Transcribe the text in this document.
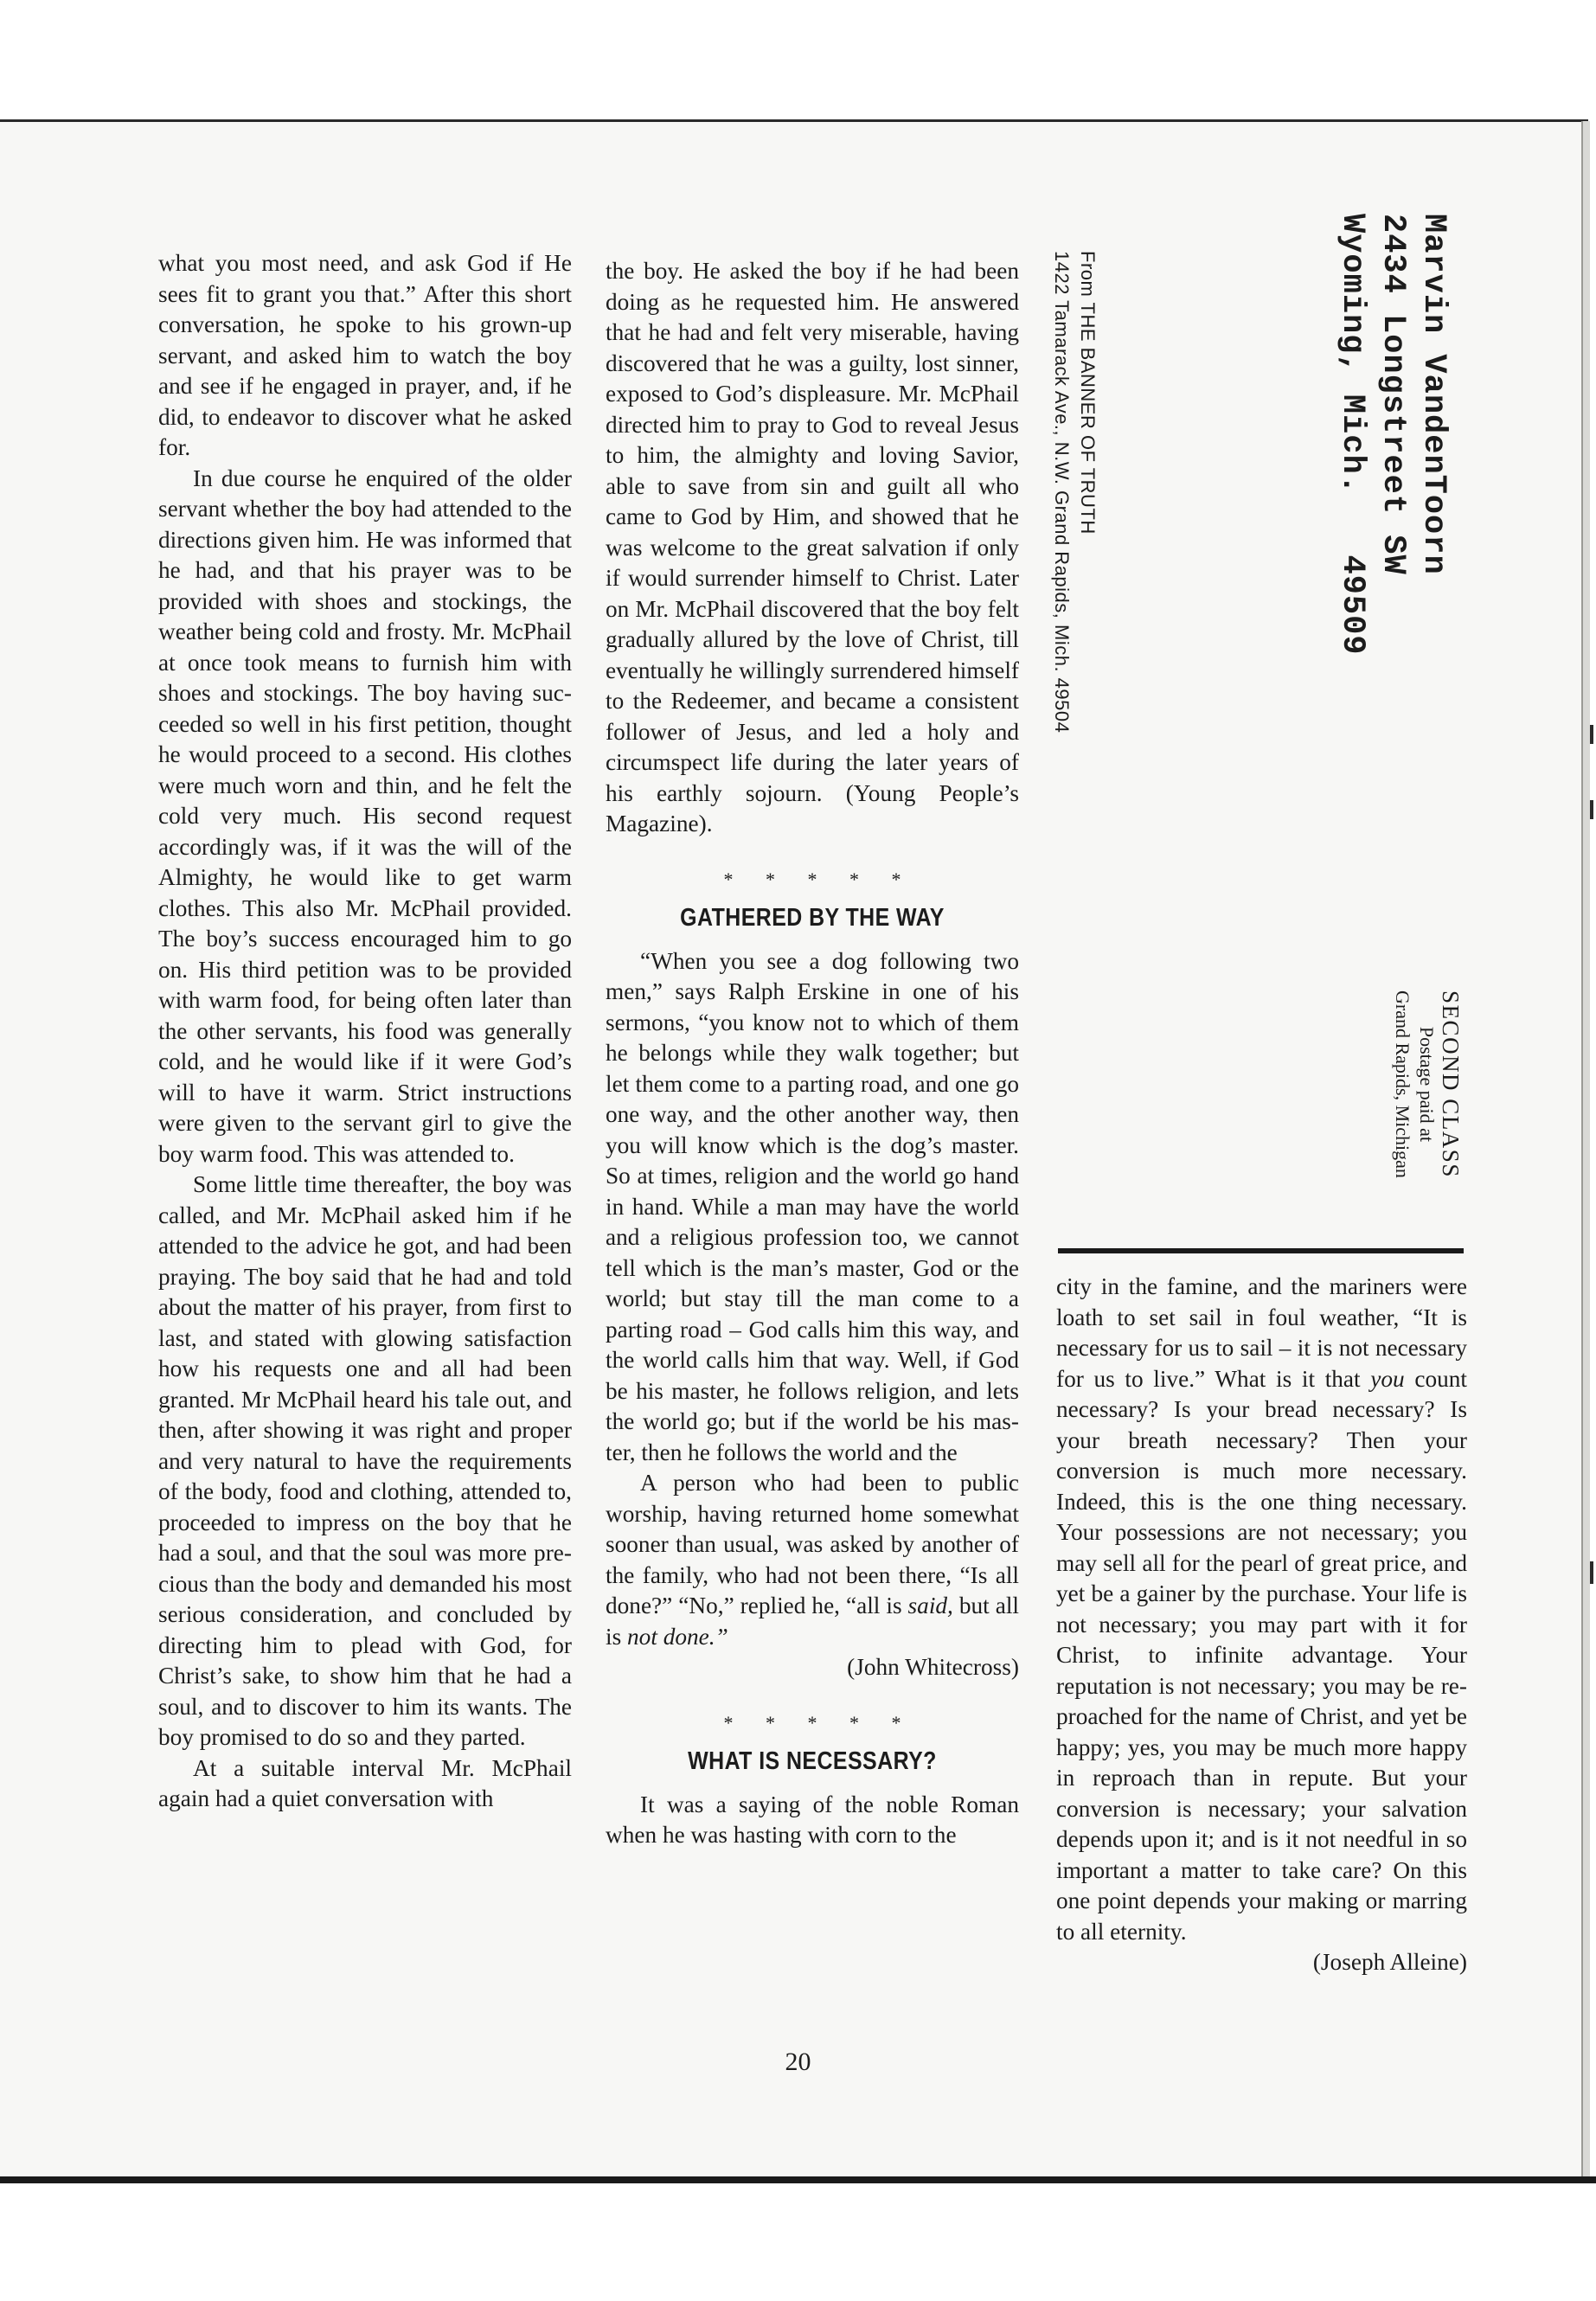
what you most need, and ask God if He sees fit to grant you that.” After this short conversation, he spoke to his grown-up servant, and asked him to watch the boy and see if he engaged in prayer, and, if he did, to endeavor to discover what he asked for.

In due course he enquired of the older servant whether the boy had attended to the directions given him. He was informed that he had, and that his prayer was to be provided with shoes and stockings, the weather being cold and frosty. Mr. McPhail at once took means to furnish him with shoes and stockings. The boy having succeeded so well in his first petition, thought he would proceed to a second. His clothes were much worn and thin, and he felt the cold very much. His second request accordingly was, if it was the will of the Almighty, he would like to get warm clothes. This also Mr. McPhail provided. The boy’s success encouraged him to go on. His third petition was to be provided with warm food, for being often later than the other servants, his food was generally cold, and he would like if it were God’s will to have it warm. Strict instructions were given to the servant girl to give the boy warm food. This was attended to.

Some little time thereafter, the boy was called, and Mr. McPhail asked him if he attended to the advice he got, and had been praying. The boy said that he had and told about the matter of his prayer, from first to last, and stated with glowing satisfaction how his requests one and all had been granted. Mr McPhail heard his tale out, and then, after showing it was right and proper and very natural to have the requirements of the body, food and clothing, attended to, proceeded to impress on the boy that he had a soul, and that the soul was more precious than the body and demanded his most serious consideration, and concluded by directing him to plead with God, for Christ’s sake, to show him that he had a soul, and to discover to him its wants. The boy promised to do so and they parted.

At a suitable interval Mr. McPhail again had a quiet conversation with

the boy. He asked the boy if he had been doing as he requested him. He answered that he had and felt very miserable, having discovered that he was a guilty, lost sinner, exposed to God’s displeasure. Mr. McPhail directed him to pray to God to reveal Jesus to him, the almighty and loving Savior, able to save from sin and guilt all who came to God by Him, and showed that he was welcome to the great salvation if only if would surrender himself to Christ. Later on Mr. McPhail discovered that the boy felt gradually allured by the love of Christ, till eventually he willingly surrendered himself to the Redeemer, and became a consistent follower of Jesus, and led a holy and circumspect life during the later years of his earthly sojourn. (Young People’s Magazine).

* * * * *
GATHERED BY THE WAY

“When you see a dog following two men,” says Ralph Erskine in one of his sermons, “you know not to which of them he belongs while they walk together; but let them come to a parting road, and one go one way, and the other another way, then you will know which is the dog’s master. So at times, religion and the world go hand in hand. While a man may have the world and a religious profession too, we cannot tell which is the man’s master, God or the world; but stay till the man come to a parting road – God calls him this way, and the world calls him that way. Well, if God be his master, he follows religion, and lets the world go; but if the world be his master, then he follows the world and the

A person who had been to public worship, having returned home somewhat sooner than usual, was asked by another of the family, who had not been there, “Is all done?” “No,” replied he, “all is said, but all is not done.”

(John Whitecross)

* * * * *
WHAT IS NECESSARY?

It was a saying of the noble Roman when he was hasting with corn to the

city in the famine, and the mariners were loath to set sail in foul weather, “It is necessary for us to sail – it is not necessary for us to live.” What is it that you count necessary? Is your bread necessary? Is your breath necessary? Then your conversion is much more necessary. Indeed, this is the one thing necessary. Your possessions are not necessary; you may sell all for the pearl of great price, and yet be a gainer by the purchase. Your life is not necessary; you may part with it for Christ, to infinite advantage. Your reputation is not necessary; you may be reproached for the name of Christ, and yet be happy; yes, you may be much more happy in reproach than in repute. But your conversion is necessary; your salvation depends upon it; and is it not needful in so important a matter to take care? On this one point depends your making or marring to all eternity.

(Joseph Alleine)

20
From THE BANNER OF TRUTH
1422 Tamarack Ave., N.W. Grand Rapids, Mich. 49504	Marvin VandenToorn
2434 Longstreet SW
Wyoming, Mich.   49509
SECOND CLASS
Postage paid at
Grand Rapids, Michigan
